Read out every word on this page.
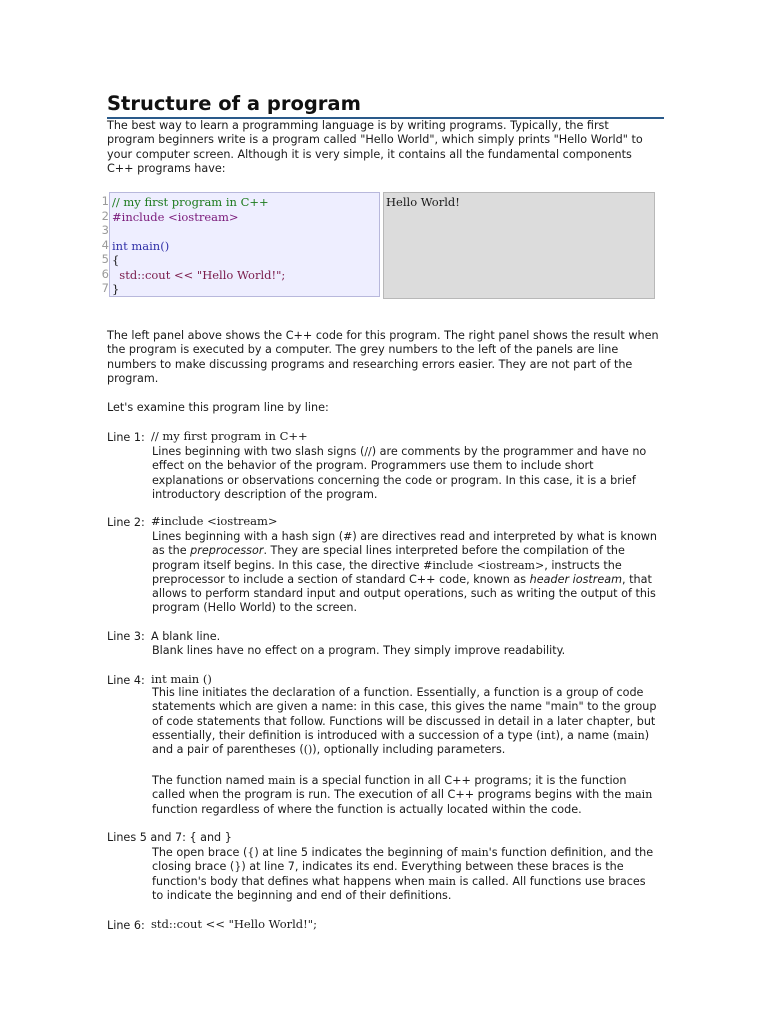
Structure of a program

The best way to learn a programming language is by writing programs. Typically, the first program beginners write is a program called "Hello World", which simply prints "Hello World" to your computer screen. Although it is very simple, it contains all the fundamental components C++ programs have:

1
2
3
4
5
6
7
// my first program in C++
#include <iostream>
int main()
{
std::cout << "Hello World!";
}
Hello World!

The left panel above shows the C++ code for this program. The right panel shows the result when the program is executed by a computer. The grey numbers to the left of the panels are line numbers to make discussing programs and researching errors easier. They are not part of the program.

Let's examine this program line by line:

Line 1: // my first program in C++

Lines beginning with two slash signs (//) are comments by the programmer and have no effect on the behavior of the program. Programmers use them to include short explanations or observations concerning the code or program. In this case, it is a brief introductory description of the program.

Line 2: #include <iostream>

Lines beginning with a hash sign (#) are directives read and interpreted by what is known as the preprocessor. They are special lines interpreted before the compilation of the program itself begins. In this case, the directive #include <iostream>, instructs the preprocessor to include a section of standard C++ code, known as header iostream, that allows to perform standard input and output operations, such as writing the output of this program (Hello World) to the screen.

Line 3: A blank line.

Blank lines have no effect on a program. They simply improve readability.

Line 4: int main ()

This line initiates the declaration of a function. Essentially, a function is a group of code statements which are given a name: in this case, this gives the name "main" to the group of code statements that follow. Functions will be discussed in detail in a later chapter, but essentially, their definition is introduced with a succession of a type (int), a name (main) and a pair of parentheses (()), optionally including parameters.

The function named main is a special function in all C++ programs; it is the function called when the program is run. The execution of all C++ programs begins with the main function regardless of where the function is actually located within the code.

Lines 5 and 7: { and }

The open brace ({) at line 5 indicates the beginning of main's function definition, and the closing brace (}) at line 7, indicates its end. Everything between these braces is the function's body that defines what happens when main is called. All functions use braces to indicate the beginning and end of their definitions.

Line 6: std::cout << "Hello World!";
